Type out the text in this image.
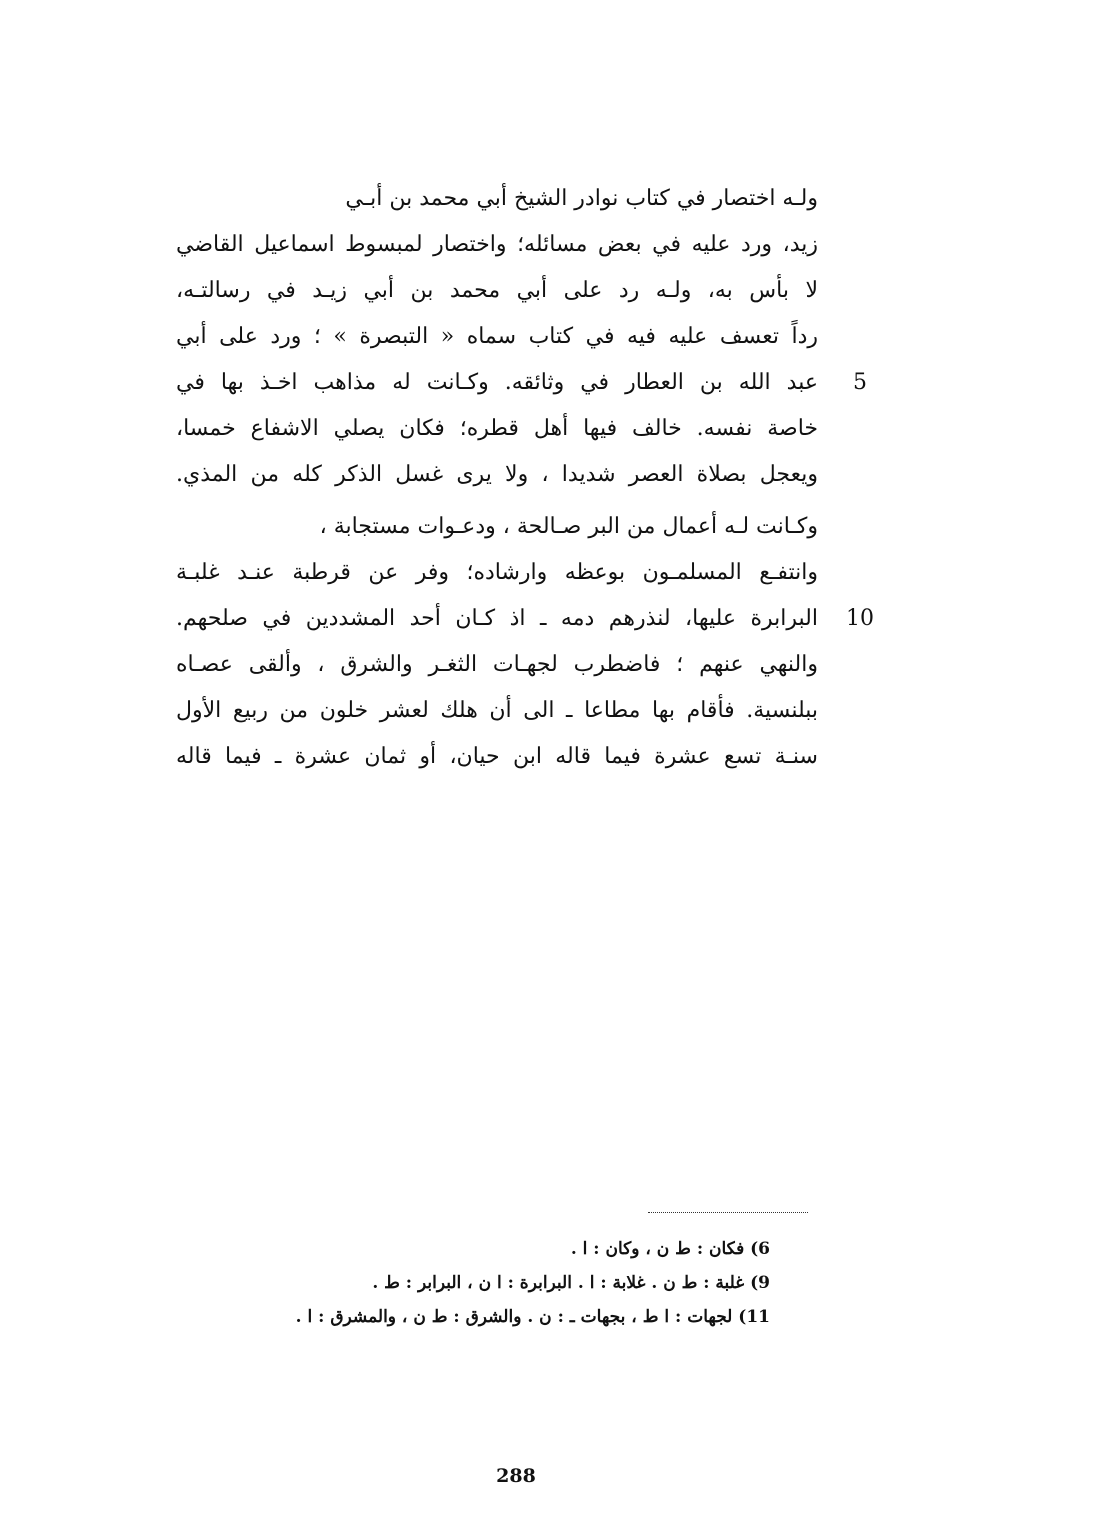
ولـه اختصار في كتاب نوادر الشيخ أبي محمد بن أبـي
زيد، ورد عليه في بعض مسائله؛ واختصار لمبسوط اسماعيل القاضي
لا بأس به، ولـه رد على أبي محمد بن أبي زيـد في رسالتـه،
رداً تعسف عليه فيه في كتاب سماه « التبصرة » ؛ ورد على أبي
عبد الله بن العطار في وثائقه. وكـانت له مذاهب اخـذ بها في
خاصة نفسه. خالف فيها أهل قطره؛ فكان يصلي الاشفاع خمسا،
ويعجل بصلاة العصر شديدا ، ولا يرى غسل الذكر كله من المذي.
وكـانت لـه أعمال من البر صـالحة ، ودعـوات مستجابة ،
وانتفـع المسلمـون بوعظه وارشاده؛ وفر عن قرطبة عنـد غلبـة
البرابرة عليها، لنذرهم دمه ـ اذ كـان أحد المشددين في صلحهم.
والنهي عنهم ؛ فاضطرب لجهـات الثغـر والشرق ، وألقى عصـاه
ببلنسية. فأقام بها مطاعا ـ الى أن هلك لعشر خلون من ربيع الأول
سنـة تسع عشرة فيما قاله ابن حيان، أو ثمان عشرة ـ فيما قاله
5
10
6) فكان : ط ن ، وكان : ا .
9) غلبة : ط ن . غلابة : ا . البرابرة : ا ن ، البرابر : ط .
11) لجهات : ا ط ، بجهات ـ : ن . والشرق : ط ن ، والمشرق : ا .
288
